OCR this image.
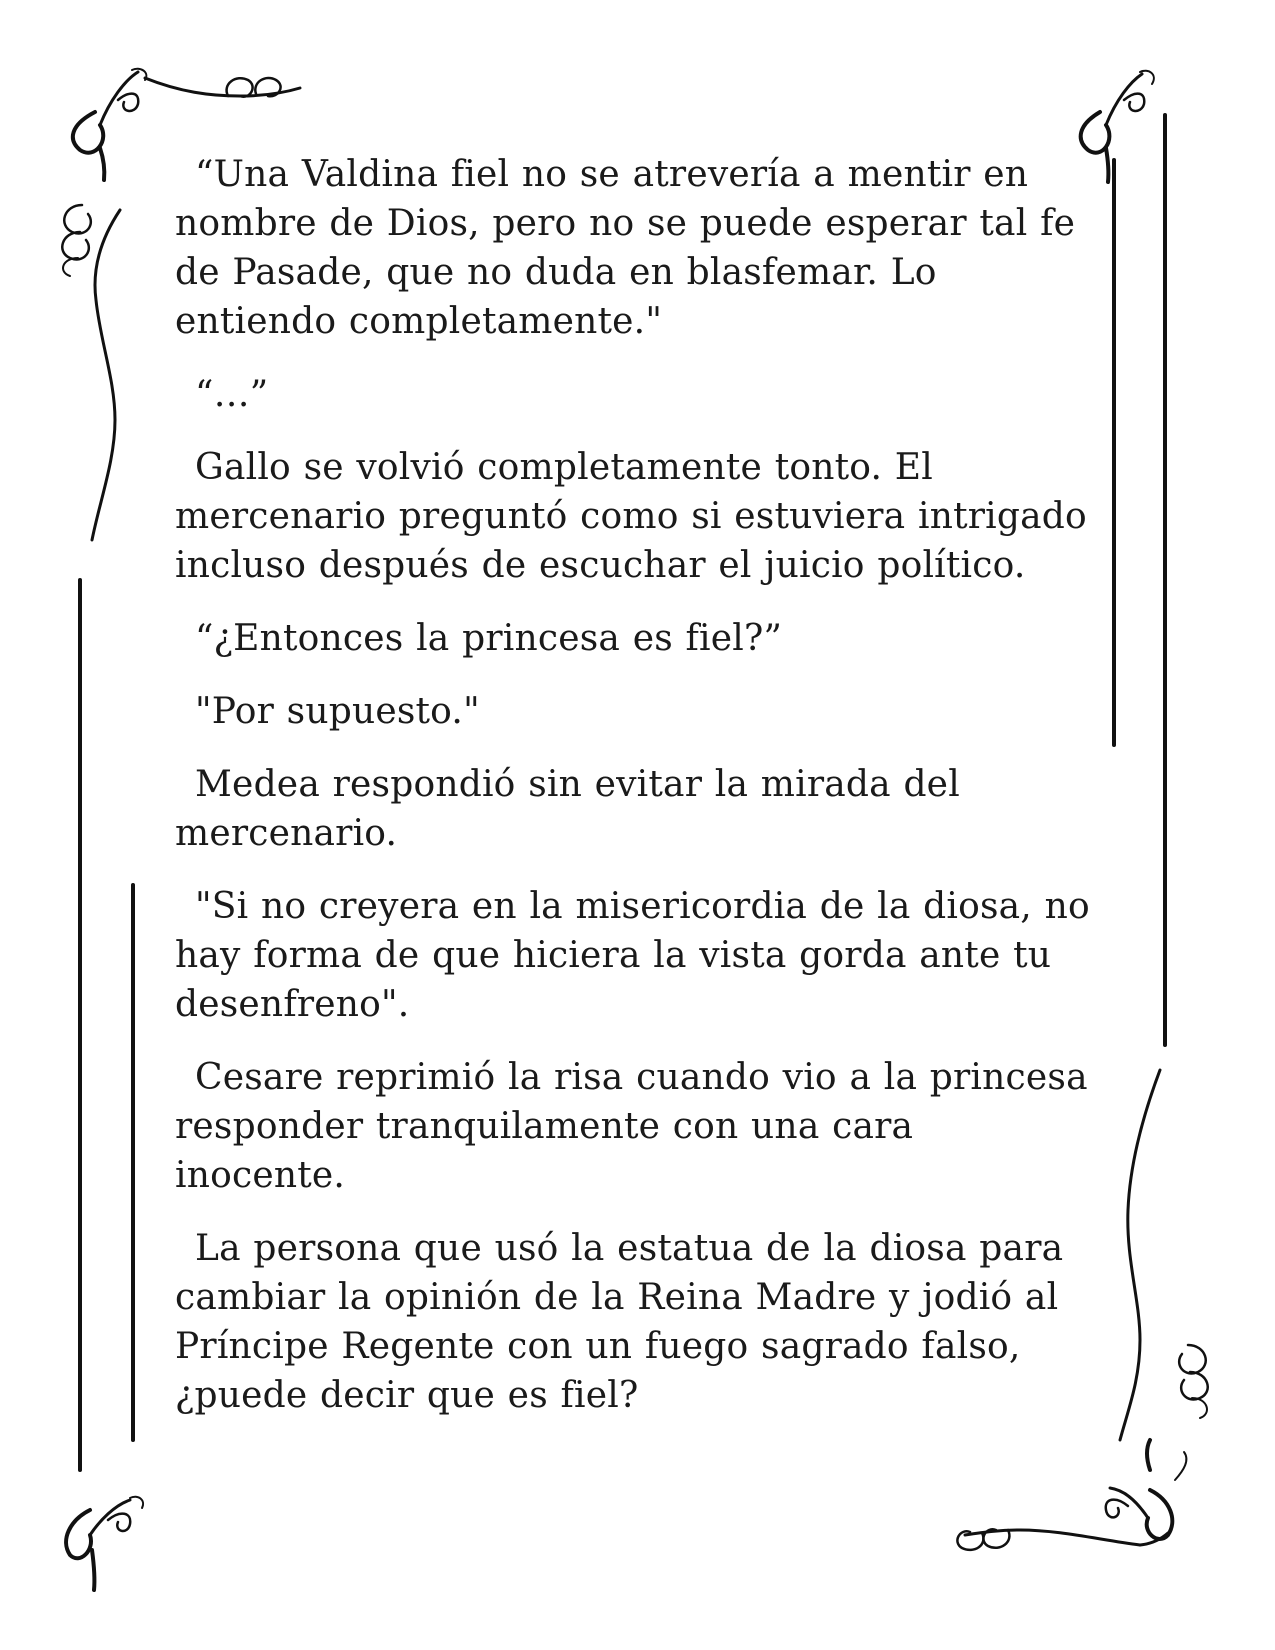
“Una Valdina fiel no se atrevería a mentir en nombre de Dios, pero no se puede esperar tal fe de Pasade, que no duda en blasfemar. Lo entiendo completamente."

“…”

Gallo se volvió completamente tonto. El mercenario preguntó como si estuviera intrigado incluso después de escuchar el juicio político.

“¿Entonces la princesa es fiel?”

"Por supuesto."

Medea respondió sin evitar la mirada del mercenario.

"Si no creyera en la misericordia de la diosa, no hay forma de que hiciera la vista gorda ante tu desenfreno".

Cesare reprimió la risa cuando vio a la princesa responder tranquilamente con una cara inocente.

La persona que usó la estatua de la diosa para cambiar la opinión de la Reina Madre y jodió al Príncipe Regente con un fuego sagrado falso, ¿puede decir que es fiel?
